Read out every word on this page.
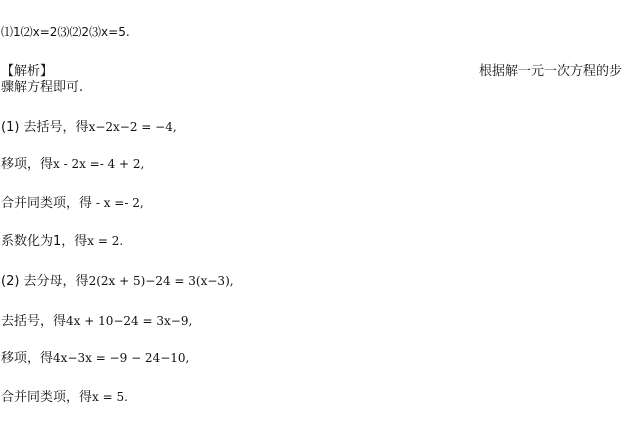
⑴1⑵x=2⑶⑵2⑶x=5.
【解析】	根据解一元一次方程的步
骤解方程即可.
(1) 去括号，得x−2x−2 = −4,
移项，得x - 2x =- 4 + 2,
合并同类项，得 - x =- 2,
系数化为1，得x = 2.
(2) 去分母，得2(2x + 5)−24 = 3(x−3),
去括号，得4x + 10−24 = 3x−9,
移项，得4x−3x = −9 − 24−10,
合并同类项，得x = 5.
